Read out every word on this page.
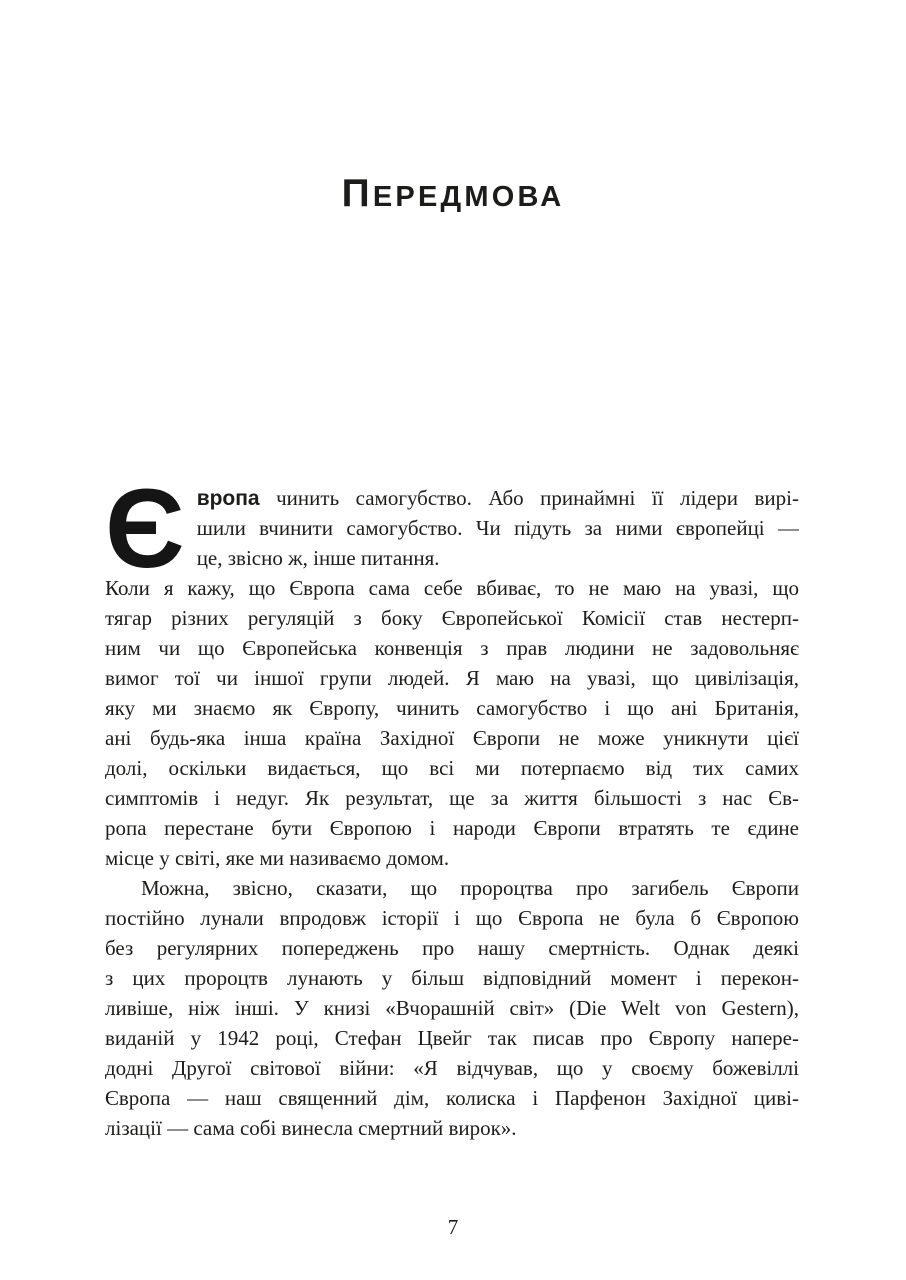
ПЕРЕДМОВА
Є вропа чинить самогубство. Або принаймні її лідери вирі-
шили вчинити самогубство. Чи підуть за ними європейці —
це, звісно ж, інше питання.
Коли я кажу, що Європа сама себе вбиває, то не маю на увазі, що
тягар різних регуляцій з боку Європейської Комісії став нестерп-
ним чи що Європейська конвенція з прав людини не задовольняє
вимог тої чи іншої групи людей. Я маю на увазі, що цивілізація,
яку ми знаємо як Європу, чинить самогубство і що ані Британія,
ані будь-яка інша країна Західної Європи не може уникнути цієї
долі, оскільки видається, що всі ми потерпаємо від тих самих
симптомів і недуг. Як результат, ще за життя більшості з нас Єв-
ропа перестане бути Європою і народи Європи втратять те єдине
місце у світі, яке ми називаємо домом.
Можна, звісно, сказати, що пророцтва про загибель Європи
постійно лунали впродовж історії і що Європа не була б Європою
без регулярних попереджень про нашу смертність. Однак деякі
з цих пророцтв лунають у більш відповідний момент і перекон-
ливіше, ніж інші. У книзі «Вчорашній світ» (Die Welt von Gestern),
виданій у 1942 році, Стефан Цвейг так писав про Європу напере-
додні Другої світової війни: «Я відчував, що у своєму божевіллі
Європа — наш священний дім, колиска і Парфенон Західної циві-
лізації — сама собі винесла смертний вирок».
7
